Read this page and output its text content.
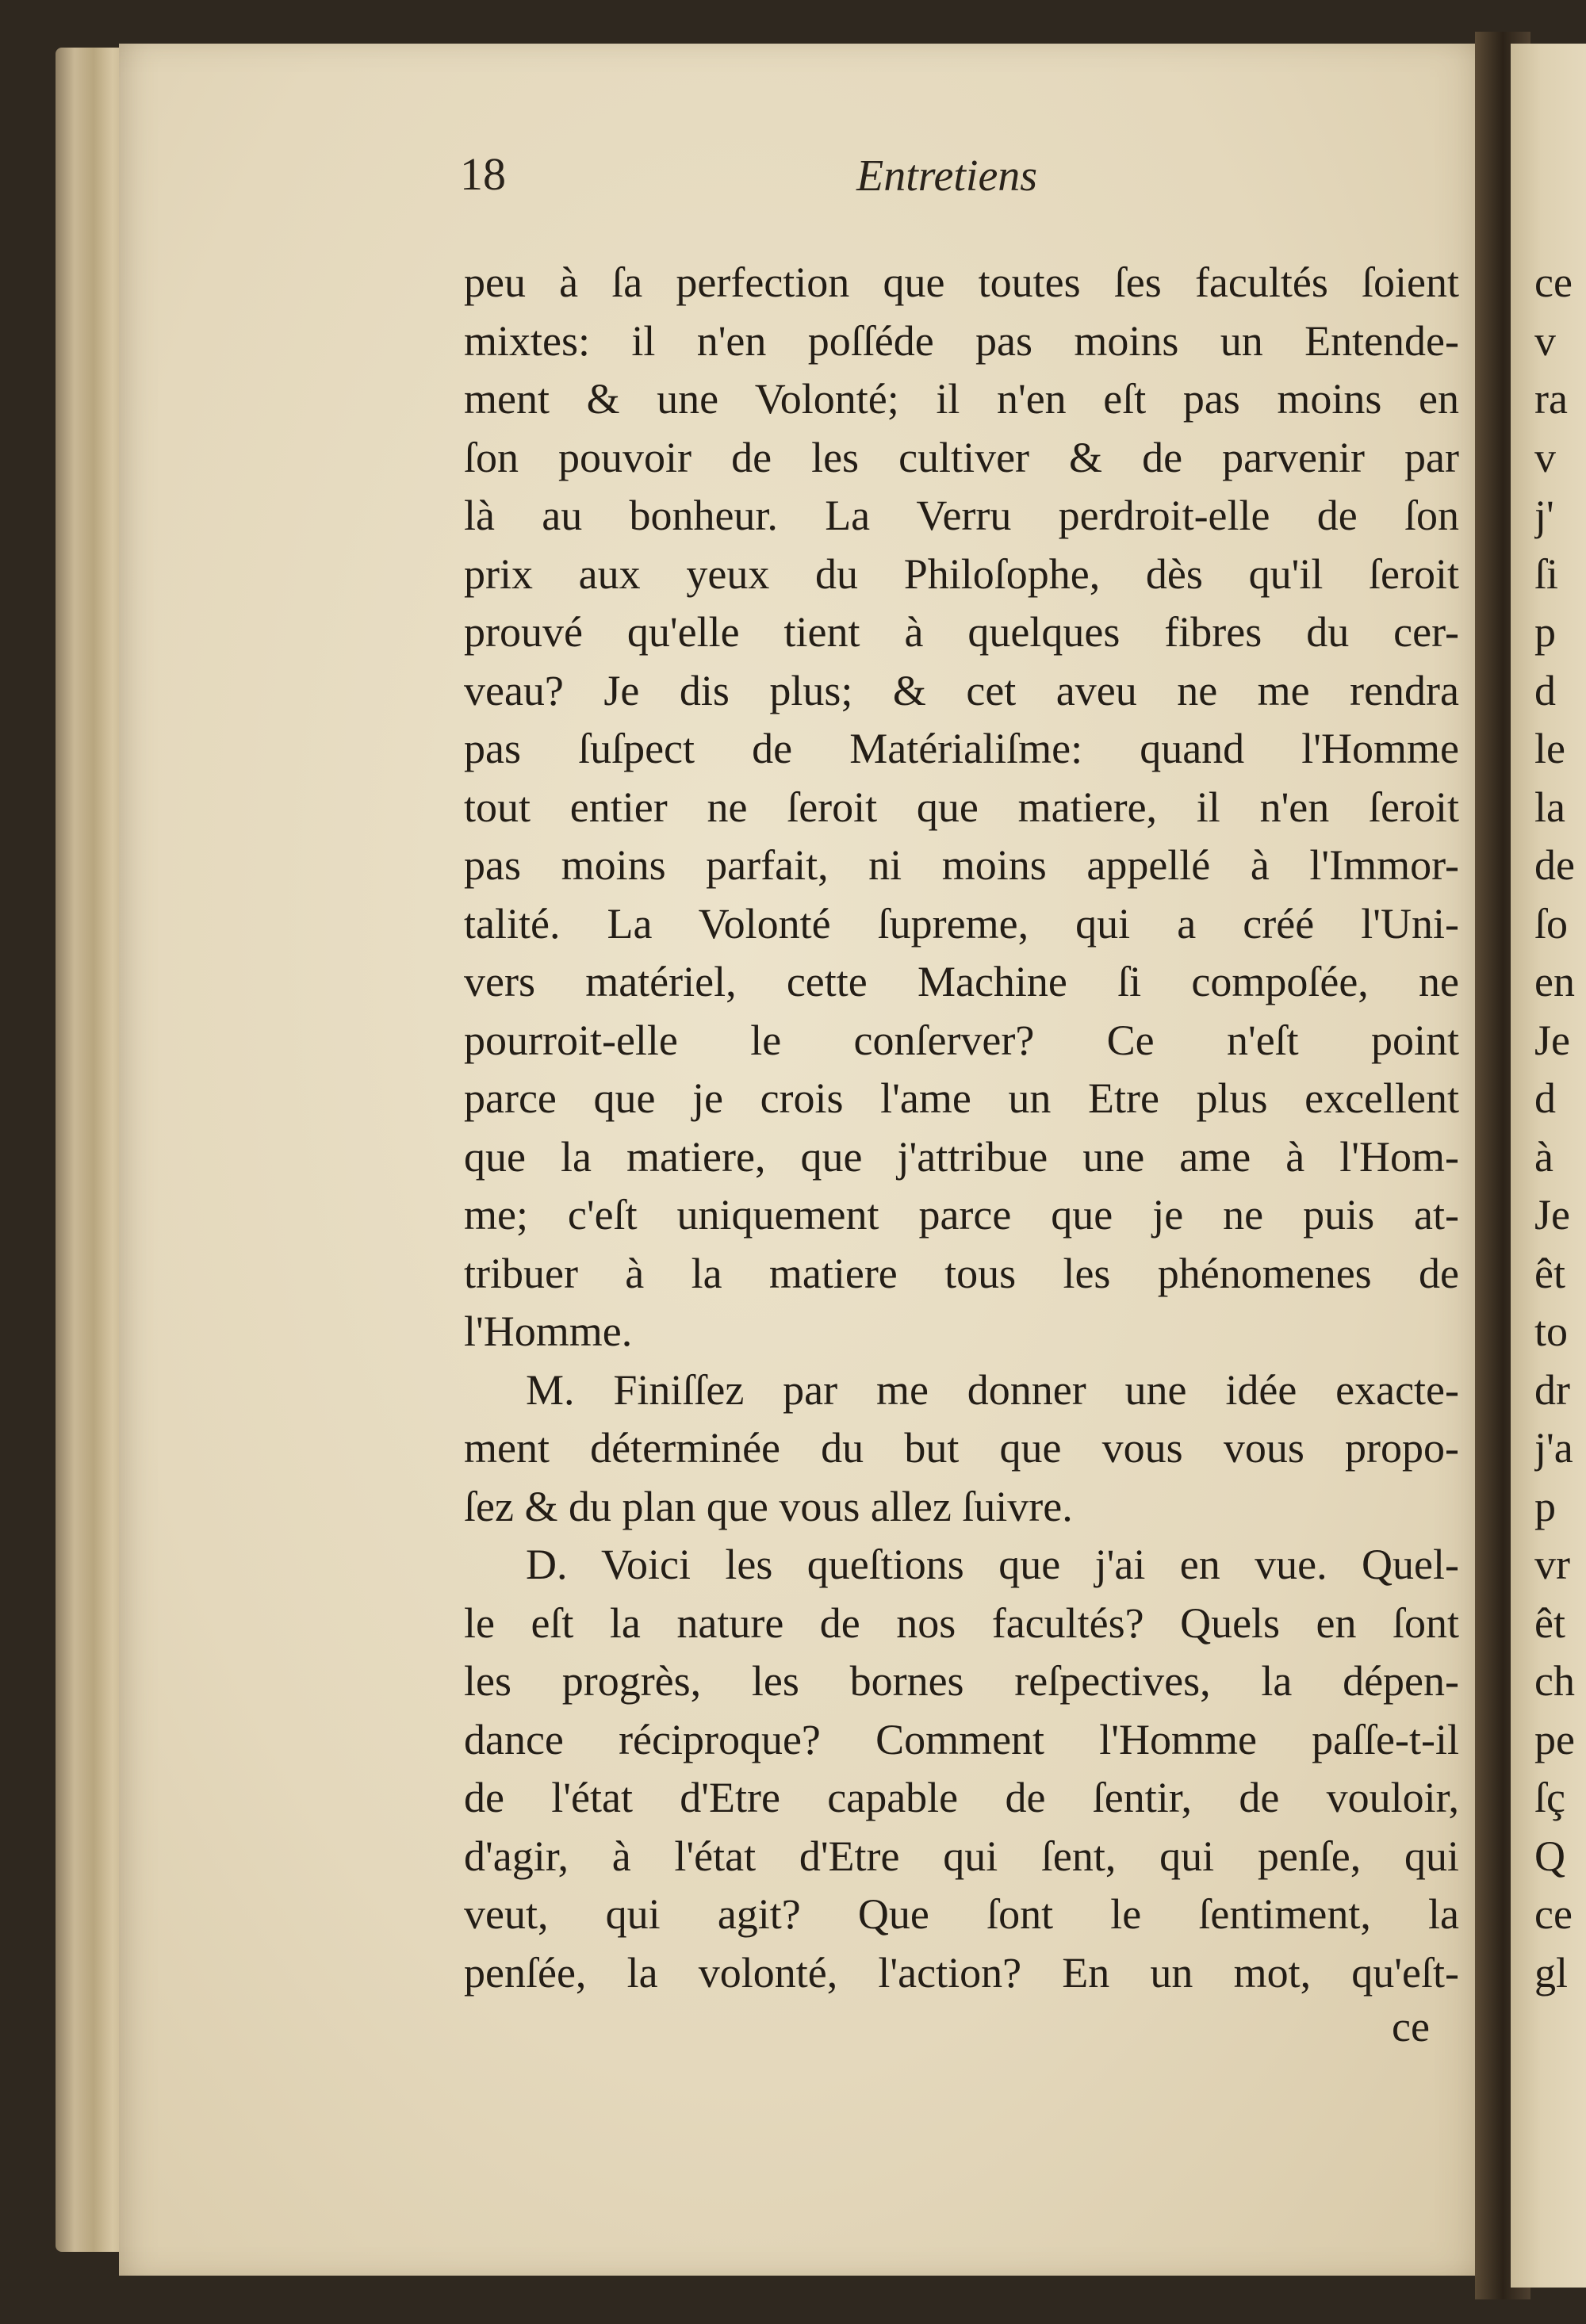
18	Entretiens
peu à ſa perfection que toutes ſes facultés ſoient
mixtes: il n'en poſſéde pas moins un Entende-
ment & une Volonté; il n'en eſt pas moins en
ſon pouvoir de les cultiver & de parvenir par
là au bonheur. La Verru perdroit-elle de ſon
prix aux yeux du Philoſophe, dès qu'il ſeroit
prouvé qu'elle tient à quelques fibres du cer-
veau? Je dis plus; & cet aveu ne me rendra
pas ſuſpect de Matérialiſme: quand l'Homme
tout entier ne ſeroit que matiere, il n'en ſeroit
pas moins parfait, ni moins appellé à l'Immor-
talité. La Volonté ſupreme, qui a créé l'Uni-
vers matériel, cette Machine ſi compoſée, ne
pourroit-elle le conſerver? Ce n'eſt point
parce que je crois l'ame un Etre plus excellent
que la matiere, que j'attribue une ame à l'Hom-
me; c'eſt uniquement parce que je ne puis at-
tribuer à la matiere tous les phénomenes de
l'Homme.
M. Finiſſez par me donner une idée exacte-
ment déterminée du but que vous vous propo-
ſez & du plan que vous allez ſuivre.
D. Voici les queſtions que j'ai en vue. Quel-
le eſt la nature de nos facultés? Quels en ſont
les progrès, les bornes reſpectives, la dépen-
dance réciproque? Comment l'Homme paſſe-t-il
de l'état d'Etre capable de ſentir, de vouloir,
d'agir, à l'état d'Etre qui ſent, qui penſe, qui
veut, qui agit? Que ſont le ſentiment, la
penſée, la volonté, l'action? En un mot, qu'eſt-
ce
ce
v
ra
v
j'
ſi
p
d
le
la
de
ſo
en
Je
d
à
Je
êt
to
dr
j'a
p
vr
êt
ch
pe
ſç
Q
ce
gl
